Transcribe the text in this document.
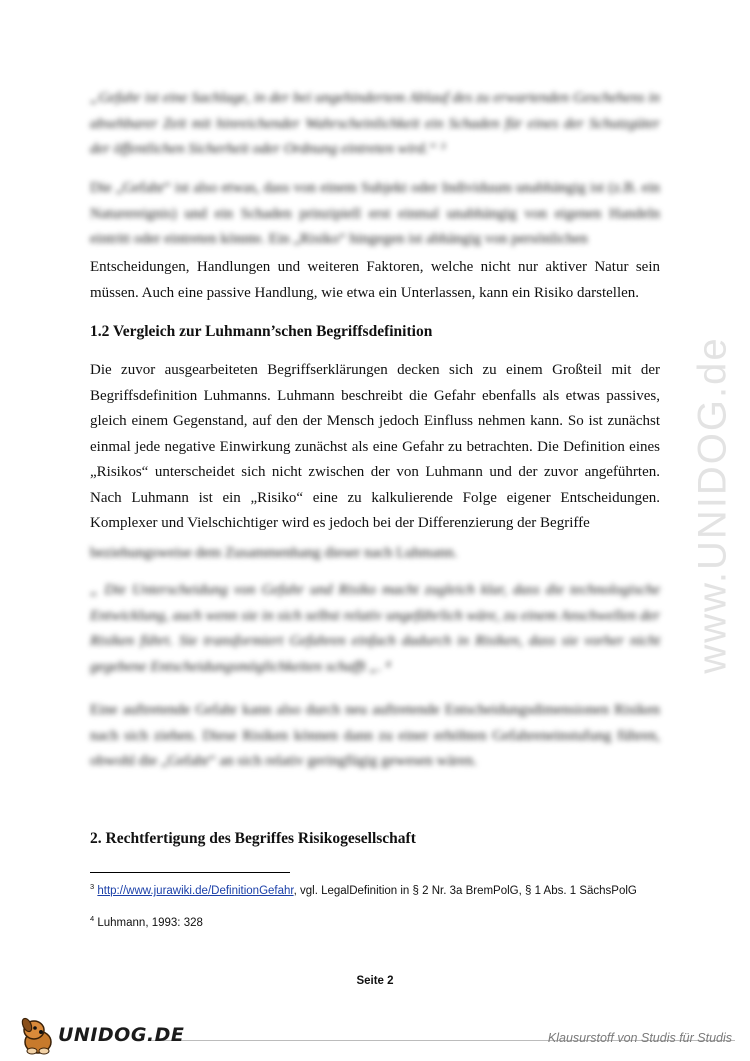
www.UNIDOG.de

„Gefahr ist eine Sachlage, in der bei ungehindertem Ablauf des zu erwartenden Geschehens in absehbarer Zeit mit hinreichender Wahrscheinlichkeit ein Schaden für eines der Schutzgüter der öffentlichen Sicherheit oder Ordnung eintreten wird.“ ³

Die „Gefahr“ ist also etwas, dass von einem Subjekt oder Individuum unabhängig ist (z.B. ein Naturereignis) und ein Schaden prinzipiell erst einmal unabhängig von eigenen Handeln eintritt oder eintreten könnte. Ein „Risiko“ hingegen ist abhängig von persönlichen

Entscheidungen, Handlungen und weiteren Faktoren, welche nicht nur aktiver Natur sein müssen. Auch eine passive Handlung, wie etwa ein Unterlassen, kann ein Risiko darstellen.

1.2 Vergleich zur Luhmann’schen Begriffsdefinition

Die zuvor ausgearbeiteten Begriffserklärungen decken sich zu einem Großteil mit der Begriffsdefinition Luhmanns. Luhmann beschreibt die Gefahr ebenfalls als etwas passives, gleich einem Gegenstand, auf den der Mensch jedoch Einfluss nehmen kann. So ist zunächst einmal jede negative Einwirkung zunächst als eine Gefahr zu betrachten. Die Definition eines „Risikos“ unterscheidet sich nicht zwischen der von Luhmann und der zuvor angeführten. Nach Luhmann ist ein „Risiko“ eine zu kalkulierende Folge eigener Entscheidungen. Komplexer und Vielschichtiger wird es jedoch bei der Differenzierung der Begriffe

beziehungsweise dem Zusammenhang dieser nach Luhmann.

„ Die Unterscheidung von Gefahr und Risiko macht zugleich klar, dass die technologische Entwicklung, auch wenn sie in sich selbst relativ ungefährlich wäre, zu einem Anschwellen der Risiken führt. Sie transformiert Gefahren einfach dadurch in Risiken, dass sie vorher nicht gegebene Entscheidungsmöglichkeiten schafft „. ⁴

Eine auftretende Gefahr kann also durch neu auftretende Entscheidungsdimensionen Risiken nach sich ziehen. Diese Risiken können dann zu einer erhöhten Gefahreneinstufung führen, obwohl die „Gefahr“ an sich relativ geringfügig gewesen wären.

2. Rechtfertigung des Begriffes Risikogesellschaft

$^3$ http://www.jurawiki.de/DefinitionGefahr, vgl. LegalDefinition in § 2 Nr. 3a BremPolG, § 1 Abs. 1 SächsPolG

$^4$ Luhmann, 1993: 328

Seite 2
UNIDOG.DE	Klausurstoff von Studis für Studis
